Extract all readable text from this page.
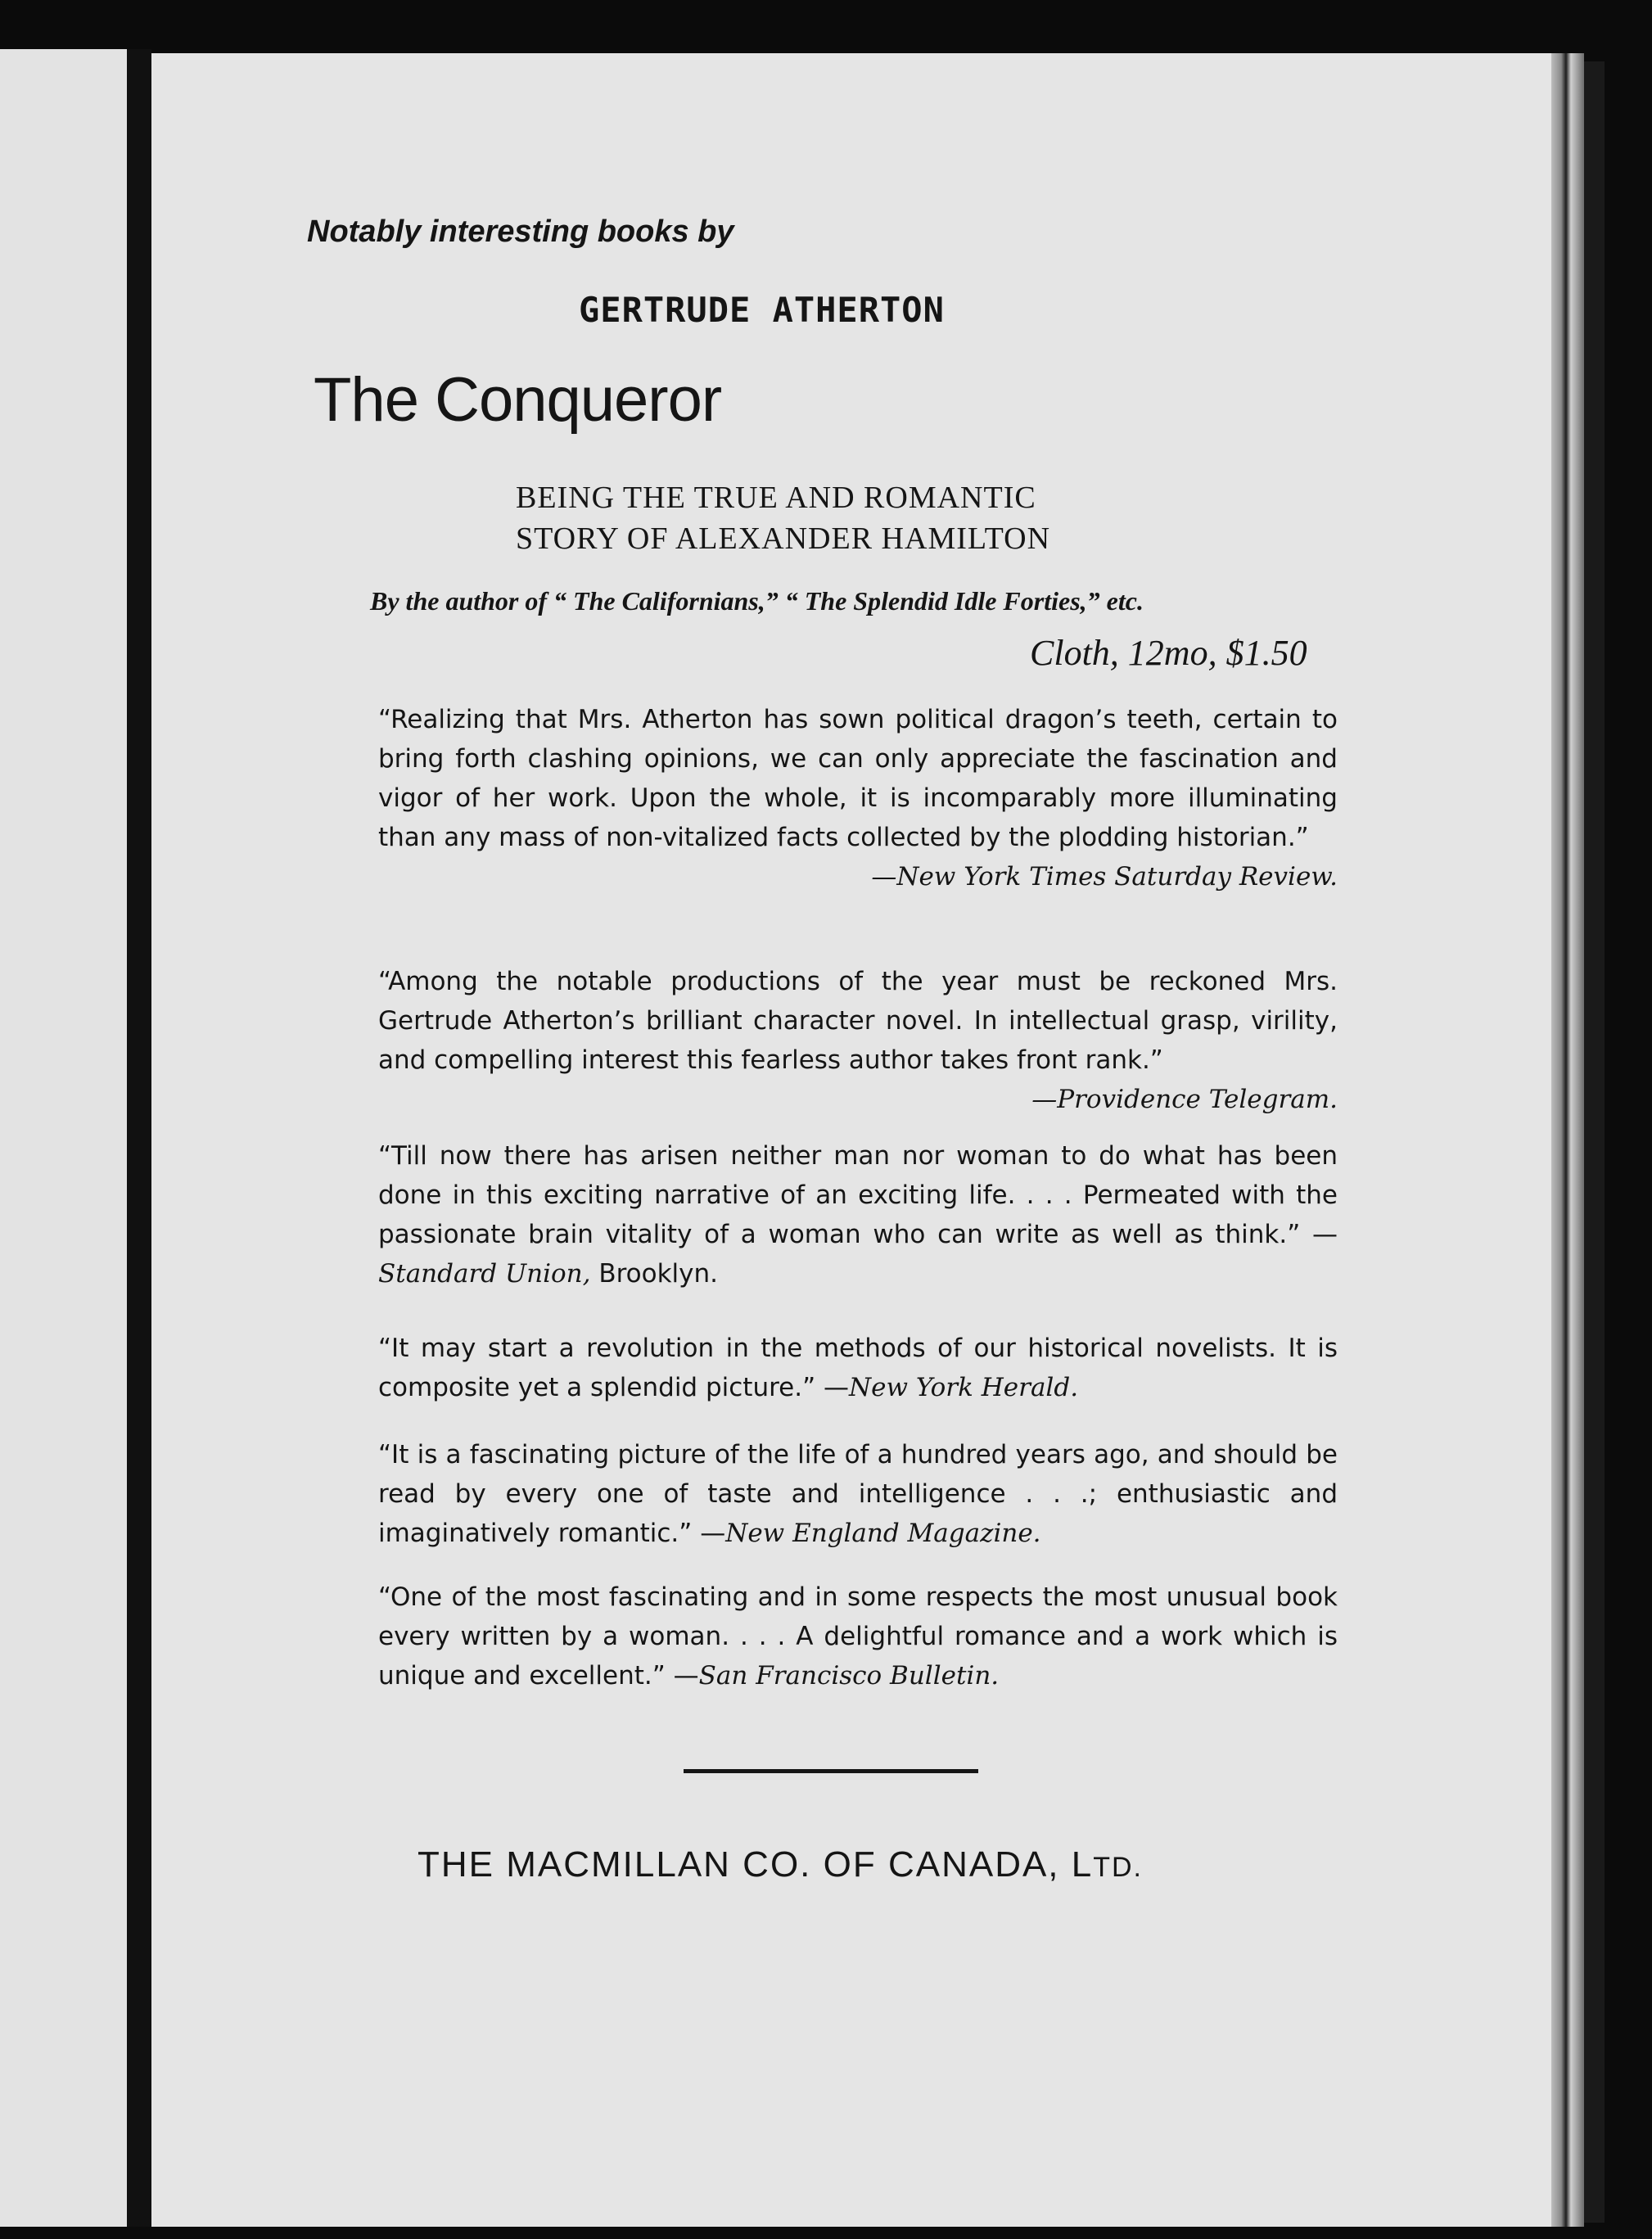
Notably interesting books by
GERTRUDE ATHERTON
The Conqueror
BEING THE TRUE AND ROMANTIC
STORY OF ALEXANDER HAMILTON
By the author of “ The Californians,” “ The Splendid Idle Forties,” etc.
Cloth, 12mo, $1.50
“Realizing that Mrs. Atherton has sown political dragon’s teeth, certain to bring forth clashing opinions, we can only appreciate the fascination and vigor of her work. Upon the whole, it is incomparably more illuminating than any mass of non-vitalized facts collected by the plodding historian.”
—New York Times Saturday Review.
“Among the notable productions of the year must be reckoned Mrs. Gertrude Atherton’s brilliant character novel. In intellectual grasp, virility, and compelling interest this fearless author takes front rank.”
—Providence Telegram.
“Till now there has arisen neither man nor woman to do what has been done in this exciting narrative of an exciting life. . . . Permeated with the passionate brain vitality of a woman who can write as well as think.” —Standard Union, Brooklyn.
“It may start a revolution in the methods of our historical novelists. It is composite yet a splendid picture.” —New York Herald.
“It is a fascinating picture of the life of a hundred years ago, and should be read by every one of taste and intelligence . . .; enthusiastic and imaginatively romantic.” —New England Magazine.
“One of the most fascinating and in some respects the most unusual book every written by a woman. . . . A delightful romance and a work which is unique and excellent.” —San Francisco Bulletin.
THE MACMILLAN CO. OF CANADA, LTD.
